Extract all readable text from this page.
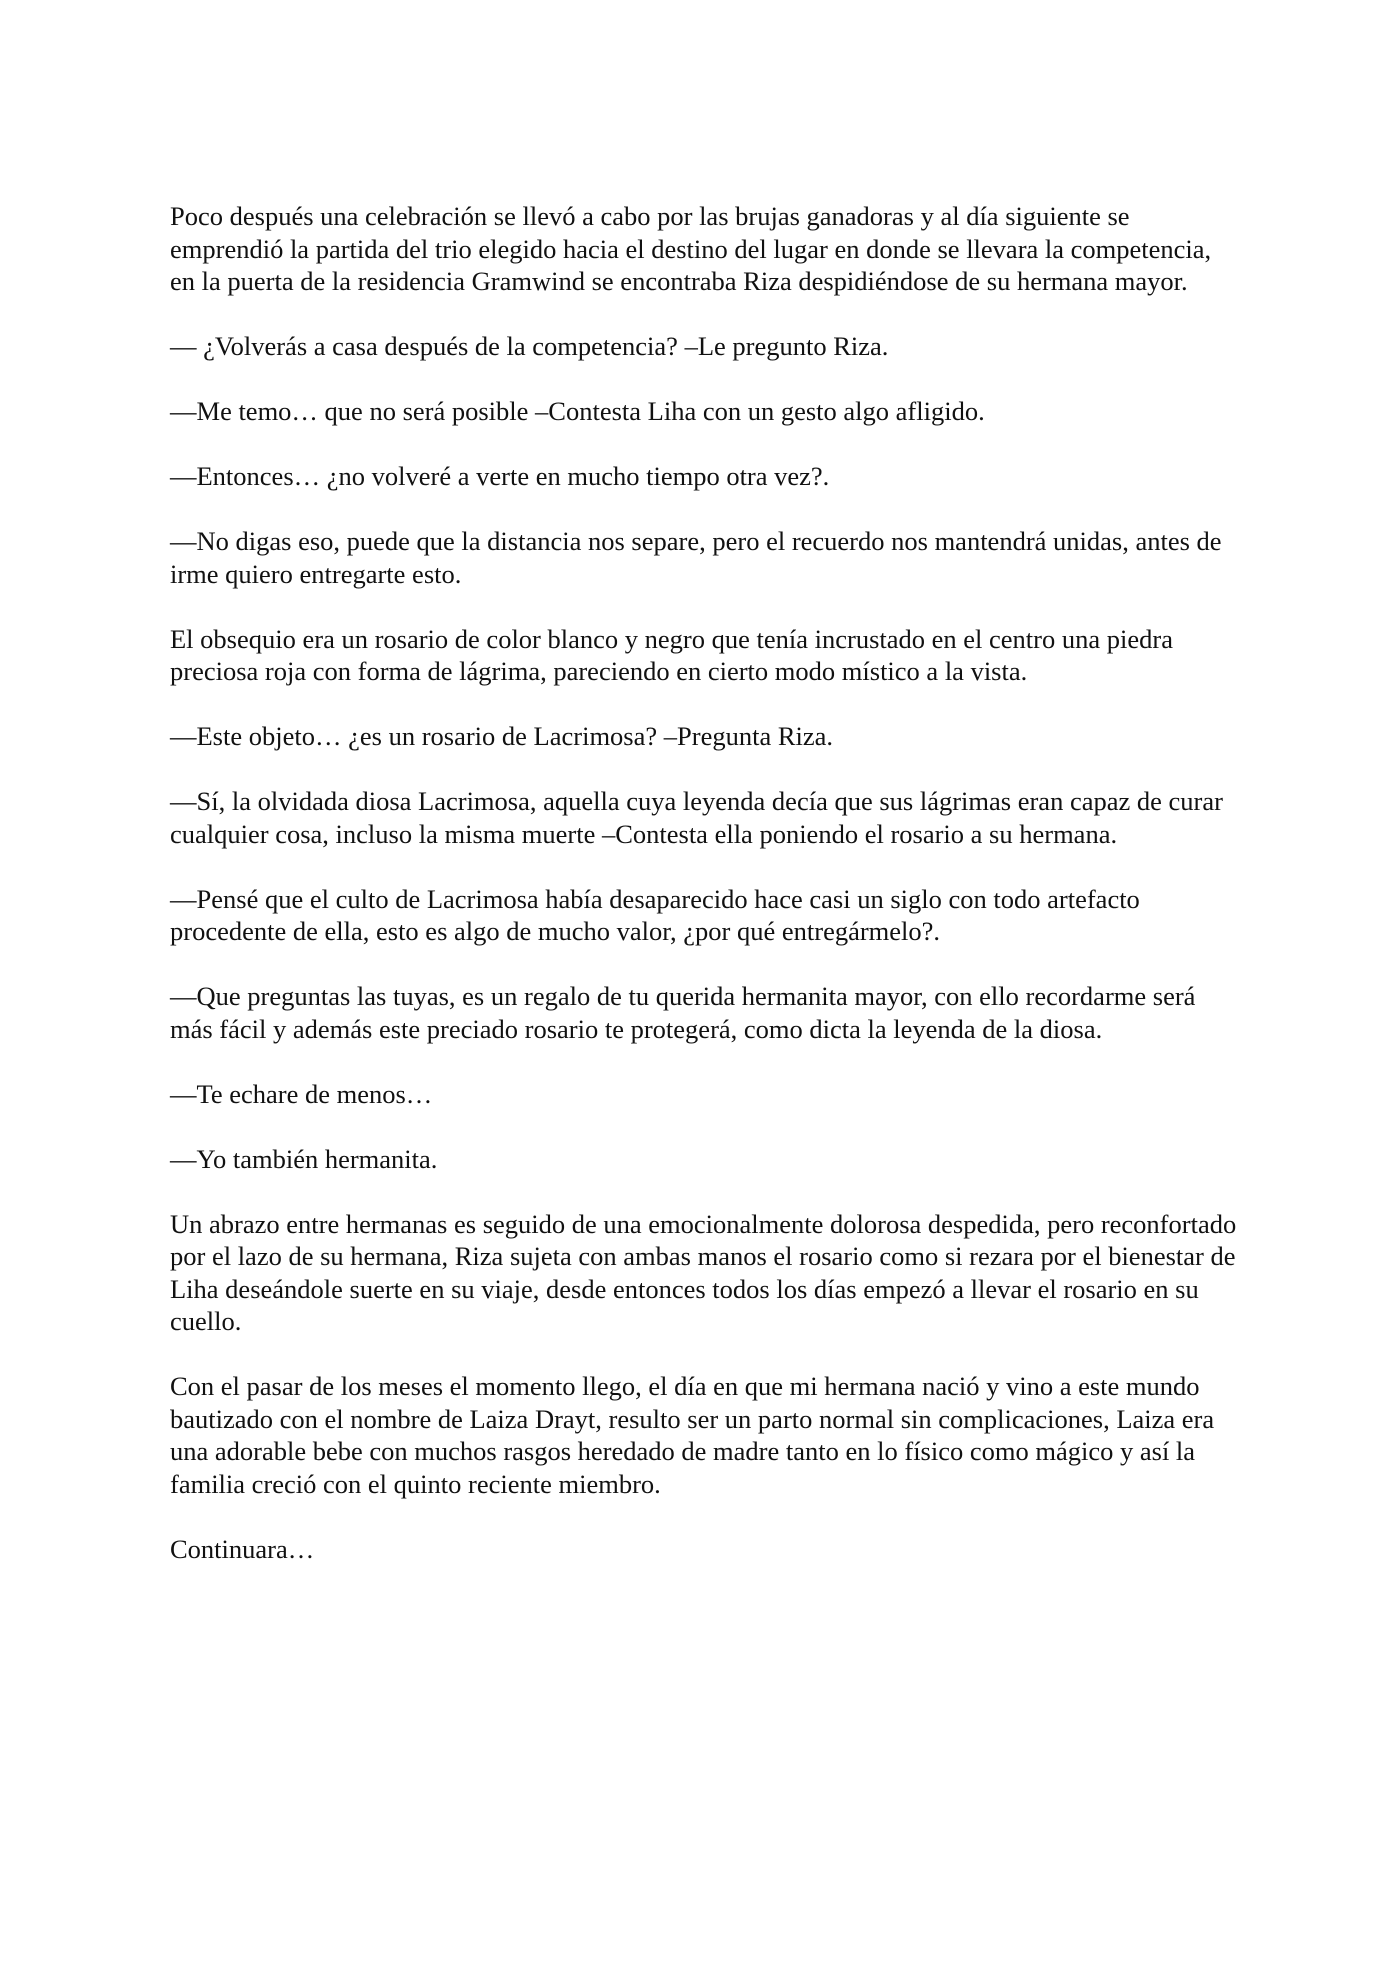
Poco después una celebración se llevó a cabo por las brujas ganadoras y al día siguiente se emprendió la partida del trio elegido hacia el destino del lugar en donde se llevara la competencia, en la puerta de la residencia Gramwind se encontraba Riza despidiéndose de su hermana mayor.

— ¿Volverás a casa después de la competencia? –Le pregunto Riza.

—Me temo… que no será posible –Contesta Liha con un gesto algo afligido.

—Entonces… ¿no volveré a verte en mucho tiempo otra vez?.

—No digas eso, puede que la distancia nos separe, pero el recuerdo nos mantendrá unidas, antes de irme quiero entregarte esto.

El obsequio era un rosario de color blanco y negro que tenía incrustado en el centro una piedra preciosa roja con forma de lágrima, pareciendo en cierto modo místico a la vista.

—Este objeto… ¿es un rosario de Lacrimosa? –Pregunta Riza.

—Sí, la olvidada diosa Lacrimosa, aquella cuya leyenda decía que sus lágrimas eran capaz de curar cualquier cosa, incluso la misma muerte –Contesta ella poniendo el rosario a su hermana.

—Pensé que el culto de Lacrimosa había desaparecido hace casi un siglo con todo artefacto procedente de ella, esto es algo de mucho valor, ¿por qué entregármelo?.

—Que preguntas las tuyas, es un regalo de tu querida hermanita mayor, con ello recordarme será más fácil y además este preciado rosario te protegerá, como dicta la leyenda de la diosa.

—Te echare de menos…

—Yo también hermanita.

Un abrazo entre hermanas es seguido de una emocionalmente dolorosa despedida, pero reconfortado por el lazo de su hermana, Riza sujeta con ambas manos el rosario como si rezara por el bienestar de Liha deseándole suerte en su viaje, desde entonces todos los días empezó a llevar el rosario en su cuello.

Con el pasar de los meses el momento llego, el día en que mi hermana nació y vino a este mundo bautizado con el nombre de Laiza Drayt, resulto ser un parto normal sin complicaciones, Laiza era una adorable bebe con muchos rasgos heredado de madre tanto en lo físico como mágico y así la familia creció con el quinto reciente miembro.

Continuara…
